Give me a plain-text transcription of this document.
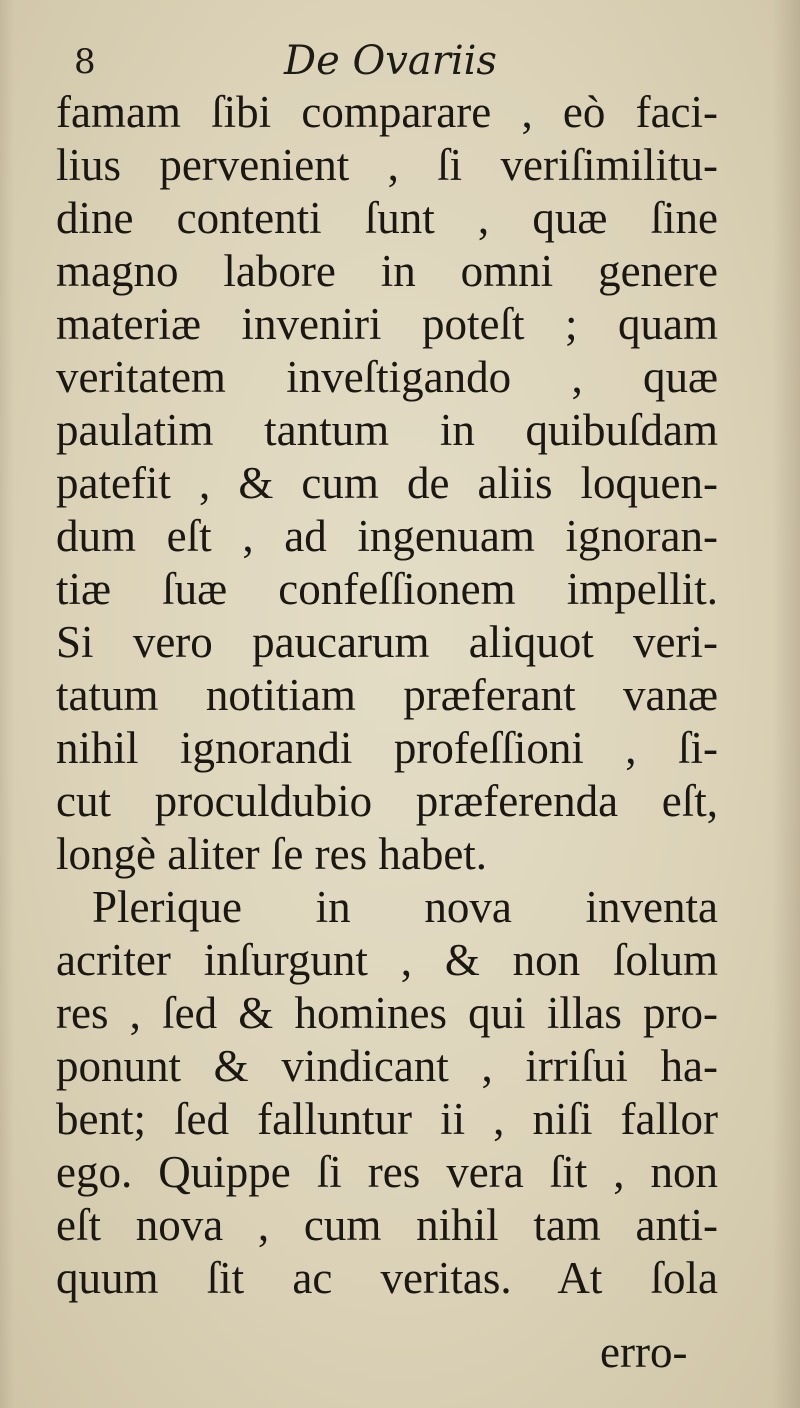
8	De Ovariis
famam ſibi comparare , eò faci-
lius pervenient , ſi veriſimilitu-
dine contenti ſunt , quæ ſine
magno labore in omni genere
materiæ inveniri poteſt ; quam
veritatem inveſtigando , quæ
paulatim tantum in quibuſdam
patefit , & cum de aliis loquen-
dum eſt , ad ingenuam ignoran-
tiæ ſuæ confeſſionem impellit.
Si vero paucarum aliquot veri-
tatum notitiam præferant vanæ
nihil ignorandi profeſſioni , ſi-
cut proculdubio præferenda eſt,
longè aliter ſe res habet.
Plerique in nova inventa
acriter inſurgunt , & non ſolum
res , ſed & homines qui illas pro-
ponunt & vindicant , irriſui ha-
bent; ſed falluntur ii , niſi fallor
ego. Quippe ſi res vera ſit , non
eſt nova , cum nihil tam anti-
quum ſit ac veritas. At ſola
erro-
